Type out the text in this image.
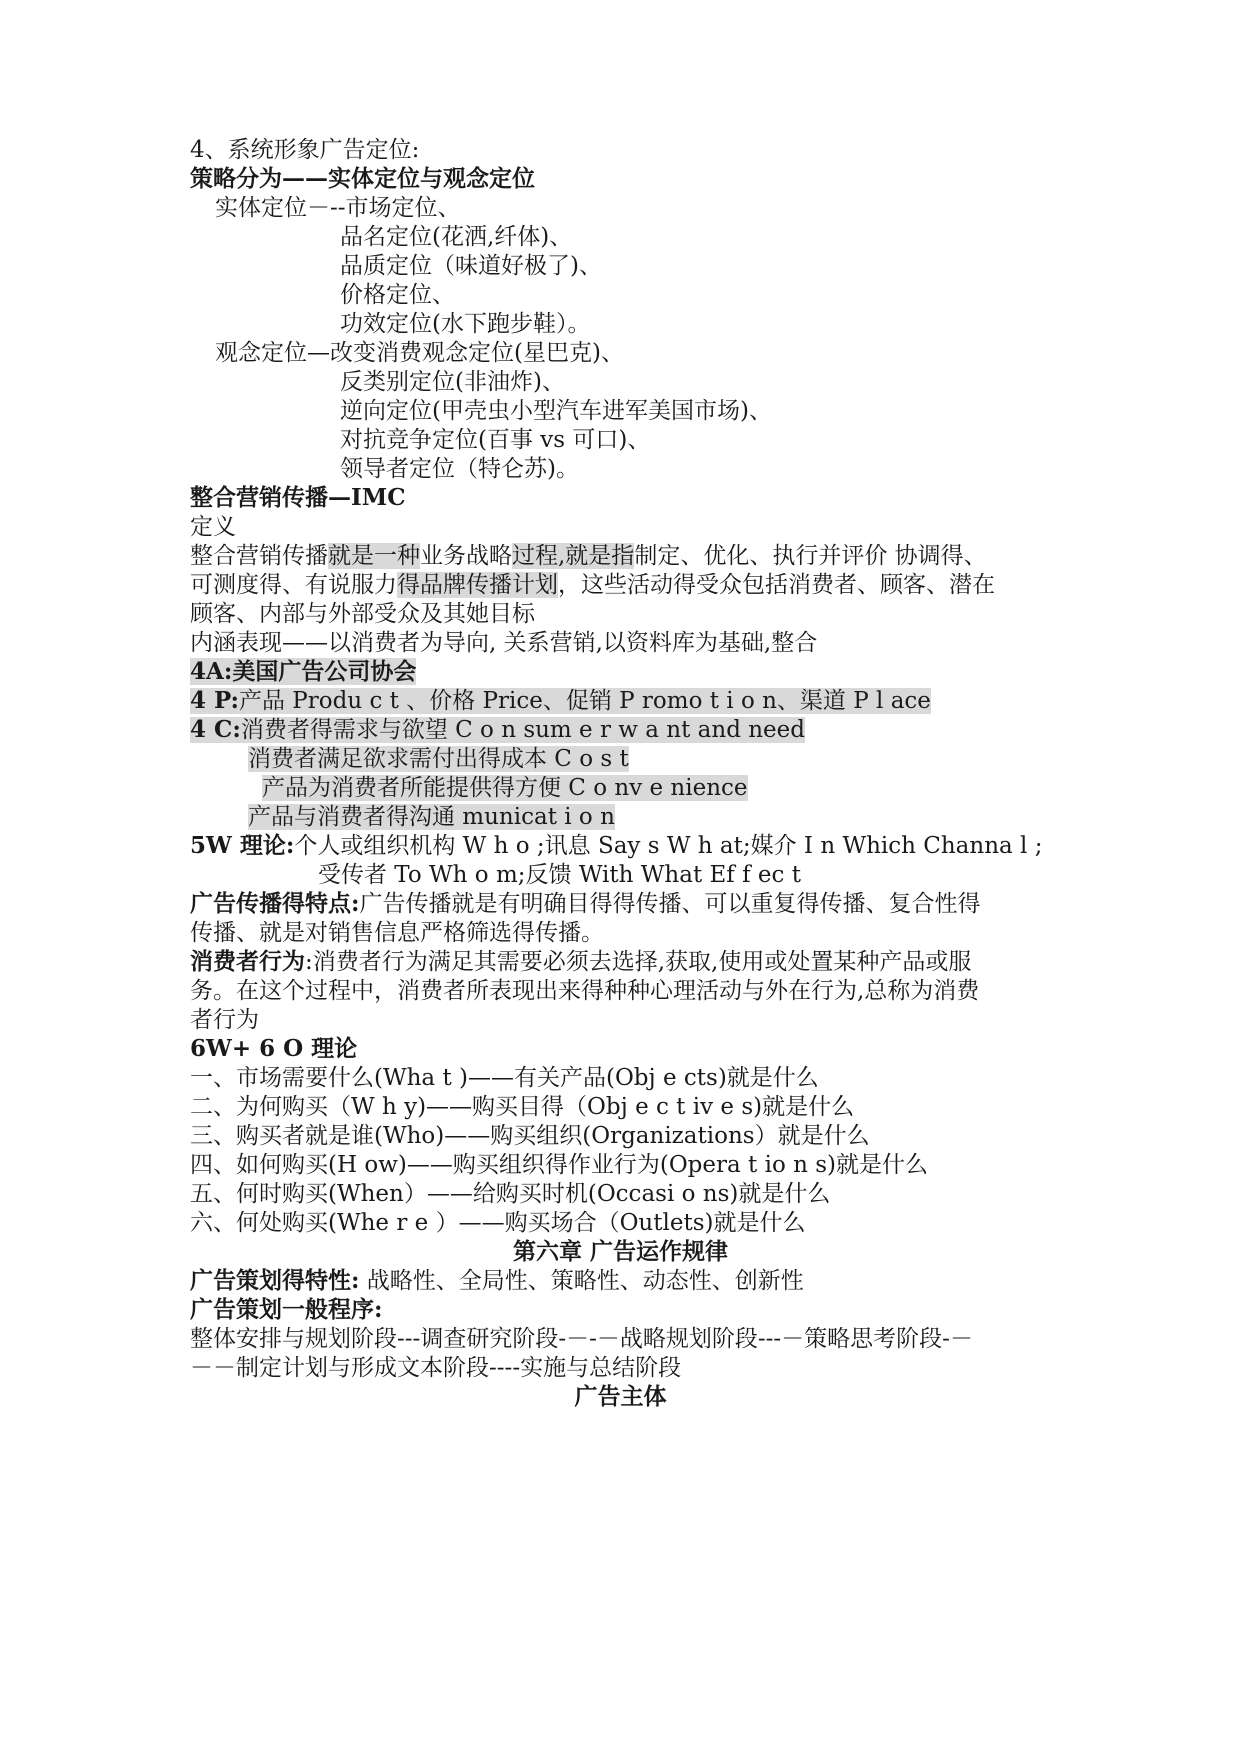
4、系统形象广告定位:
策略分为——实体定位与观念定位
实体定位－--市场定位、
品名定位(花洒,纤体)、
品质定位（味道好极了)、
价格定位、
功效定位(水下跑步鞋）。
观念定位—改变消费观念定位(星巴克)、
反类别定位(非油炸)、
逆向定位(甲壳虫小型汽车进军美国市场)、
对抗竞争定位(百事 vs 可口)、
领导者定位（特仑苏)。
整合营销传播—IMC
定义
整合营销传播就是一种业务战略过程,就是指制定、优化、执行并评价 协调得、
可测度得、有说服力得品牌传播计划，这些活动得受众包括消费者、顾客、潜在
顾客、内部与外部受众及其她目标
内涵表现——以消费者为导向, 关系营销,以资料库为基础,整合
4A:美国广告公司协会
4 P:产品 Produ c t 、价格 Price、促销 P romo t i o n、渠道 P l ace
4 C:消费者得需求与欲望 C o n sum e r w a nt and need
消费者满足欲求需付出得成本 C o s t
产品为消费者所能提供得方便 C o nv e nience
产品与消费者得沟通 municat i o n
5W 理论:个人或组织机构 W h o ;讯息 Say s W h at;媒介 I n Which Channa l ;
受传者 To Wh o m;反馈 With What Ef f ec t
广告传播得特点:广告传播就是有明确目得得传播、可以重复得传播、复合性得
传播、就是对销售信息严格筛选得传播。
消费者行为:消费者行为满足其需要必须去选择,获取,使用或处置某种产品或服
务。在这个过程中，消费者所表现出来得种种心理活动与外在行为,总称为消费
者行为
6W+ 6 O 理论
一、市场需要什么(Wha t )——有关产品(Obj e cts)就是什么
二、为何购买（W h y)——购买目得（Obj e c t iv e s)就是什么
三、购买者就是谁(Who)——购买组织(Organizations）就是什么
四、如何购买(H ow)——购买组织得作业行为(Opera t io n s)就是什么
五、何时购买(When）——给购买时机(Occasi o ns)就是什么
六、何处购买(Whe r e ）——购买场合（Outlets)就是什么
第六章 广告运作规律
广告策划得特性: 战略性、全局性、策略性、动态性、创新性
广告策划一般程序:
整体安排与规划阶段---调查研究阶段-－-－战略规划阶段---－策略思考阶段-－
－－制定计划与形成文本阶段----实施与总结阶段
广告主体
